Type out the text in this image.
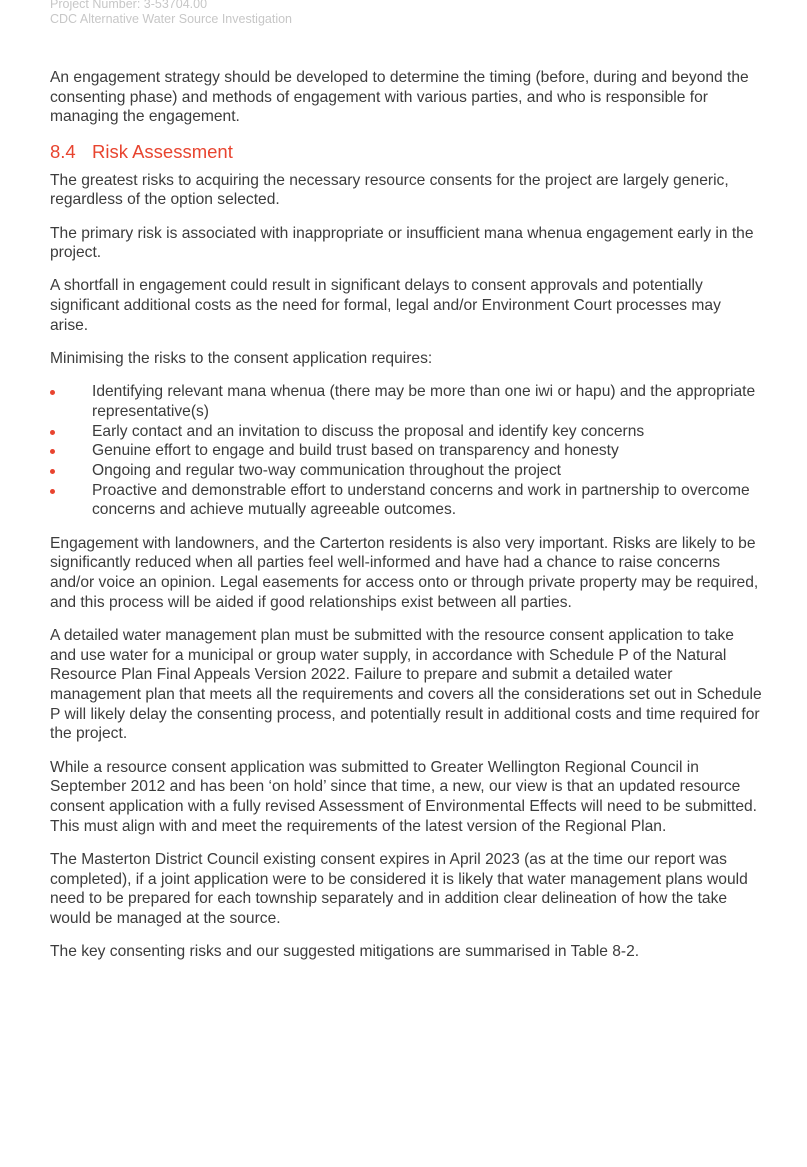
Project Number: 3-53704.00
CDC Alternative Water Source Investigation

An engagement strategy should be developed to determine the timing (before, during and beyond the consenting phase) and methods of engagement with various parties, and who is responsible for managing the engagement.

8.4 Risk Assessment

The greatest risks to acquiring the necessary resource consents for the project are largely generic, regardless of the option selected.

The primary risk is associated with inappropriate or insufficient mana whenua engagement early in the project.

A shortfall in engagement could result in significant delays to consent approvals and potentially significant additional costs as the need for formal, legal and/or Environment Court processes may arise.

Minimising the risks to the consent application requires:

Identifying relevant mana whenua (there may be more than one iwi or hapu) and the appropriate representative(s)
Early contact and an invitation to discuss the proposal and identify key concerns
Genuine effort to engage and build trust based on transparency and honesty
Ongoing and regular two-way communication throughout the project
Proactive and demonstrable effort to understand concerns and work in partnership to overcome concerns and achieve mutually agreeable outcomes.

Engagement with landowners, and the Carterton residents is also very important. Risks are likely to be significantly reduced when all parties feel well-informed and have had a chance to raise concerns and/or voice an opinion. Legal easements for access onto or through private property may be required, and this process will be aided if good relationships exist between all parties.

A detailed water management plan must be submitted with the resource consent application to take and use water for a municipal or group water supply, in accordance with Schedule P of the Natural Resource Plan Final Appeals Version 2022. Failure to prepare and submit a detailed water management plan that meets all the requirements and covers all the considerations set out in Schedule P will likely delay the consenting process, and potentially result in additional costs and time required for the project.

While a resource consent application was submitted to Greater Wellington Regional Council in September 2012 and has been ‘on hold’ since that time, a new, our view is that an updated resource consent application with a fully revised Assessment of Environmental Effects will need to be submitted. This must align with and meet the requirements of the latest version of the Regional Plan.

The Masterton District Council existing consent expires in April 2023 (as at the time our report was completed), if a joint application were to be considered it is likely that water management plans would need to be prepared for each township separately and in addition clear delineation of how the take would be managed at the source.

The key consenting risks and our suggested mitigations are summarised in Table 8-2.
